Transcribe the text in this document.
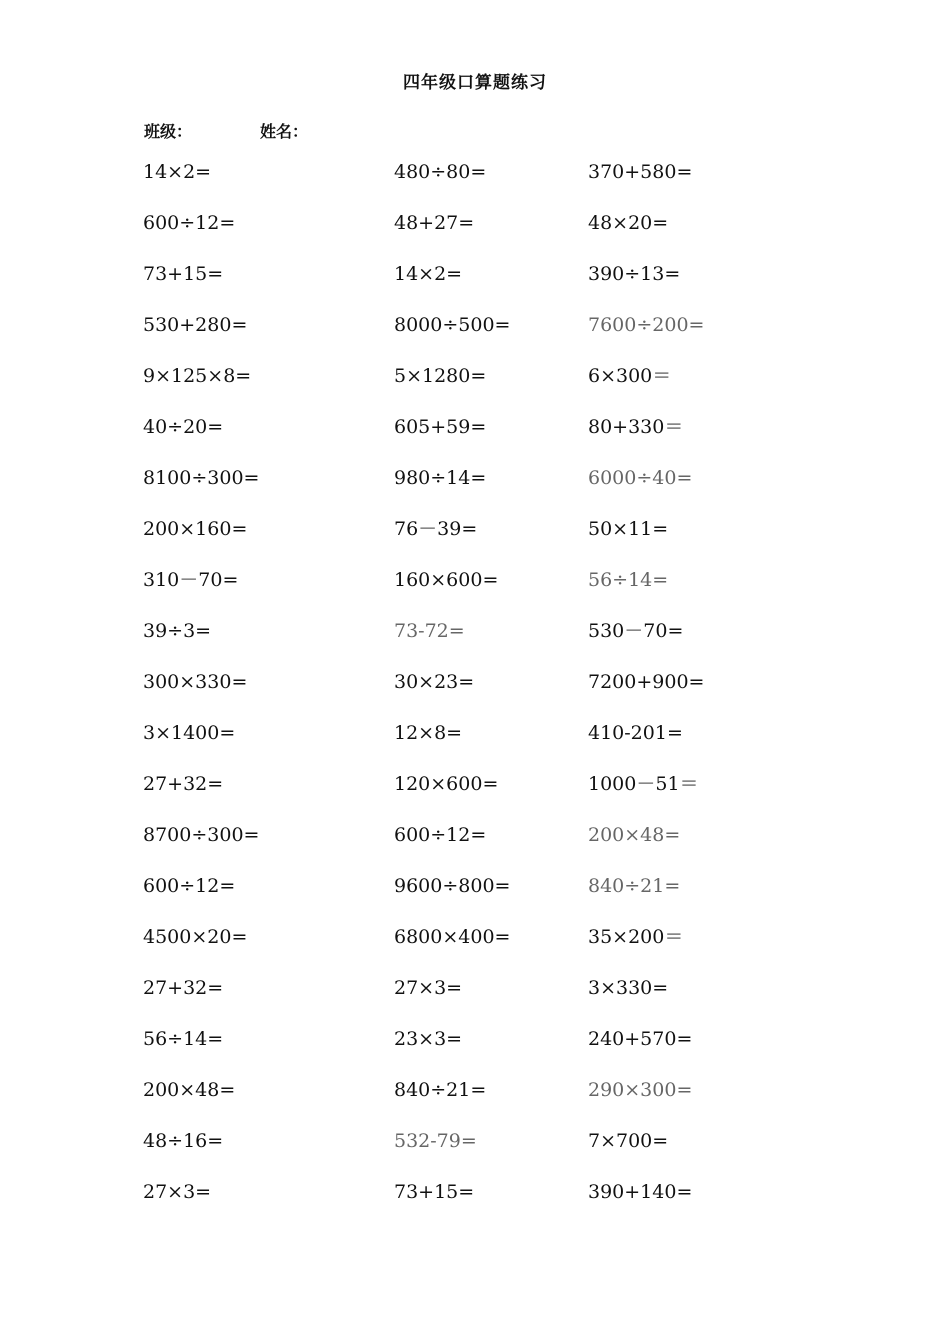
四年级口算题练习
班级：	姓名：
14×2=	480÷80=	370+580=
600÷12=	48+27=	48×20=
73+15=	14×2=	390÷13=
530+280=	8000÷500=	7600÷200=
9×125×8=	5×1280=	6×300＝
40÷20=	605+59=	80+330＝
8100÷300=	980÷14=	6000÷40=
200×160=	76－39=	50×11=
310－70=	160×600=	56÷14=
39÷3=	73-72=	530－70=
300×330=	30×23=	7200+900=
3×1400=	12×8=	410-201=
27+32=	120×600=	1000－51＝
8700÷300=	600÷12=	200×48=
600÷12=	9600÷800=	840÷21=
4500×20=	6800×400=	35×200＝
27+32=	27×3=	3×330=
56÷14=	23×3=	240+570=
200×48=	840÷21=	290×300=
48÷16=	532-79=	7×700=
27×3=	73+15=	390+140=
